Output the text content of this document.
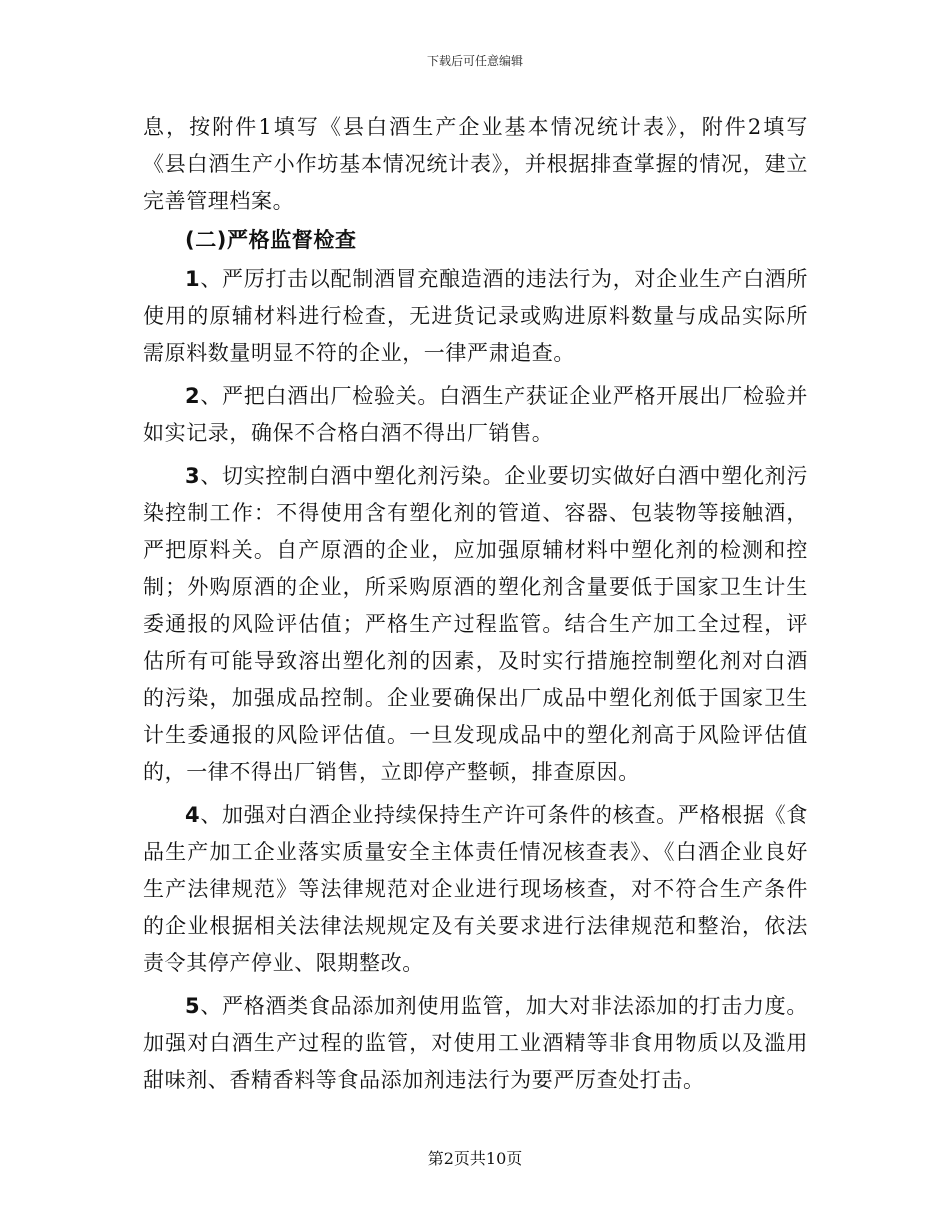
下载后可任意编辑

息，按附件1填写《县白酒生产企业基本情况统计表》，附件2填写《县白酒生产小作坊基本情况统计表》，并根据排查掌握的情况，建立完善管理档案。

(二)严格监督检查

1、严厉打击以配制酒冒充酿造酒的违法行为，对企业生产白酒所使用的原辅材料进行检查，无进货记录或购进原料数量与成品实际所需原料数量明显不符的企业，一律严肃追查。

2、严把白酒出厂检验关。白酒生产获证企业严格开展出厂检验并如实记录，确保不合格白酒不得出厂销售。

3、切实控制白酒中塑化剂污染。企业要切实做好白酒中塑化剂污染控制工作：不得使用含有塑化剂的管道、容器、包装物等接触酒，严把原料关。自产原酒的企业，应加强原辅材料中塑化剂的检测和控制；外购原酒的企业，所采购原酒的塑化剂含量要低于国家卫生计生委通报的风险评估值；严格生产过程监管。结合生产加工全过程，评估所有可能导致溶出塑化剂的因素，及时实行措施控制塑化剂对白酒的污染，加强成品控制。企业要确保出厂成品中塑化剂低于国家卫生计生委通报的风险评估值。一旦发现成品中的塑化剂高于风险评估值的，一律不得出厂销售，立即停产整顿，排查原因。

4、加强对白酒企业持续保持生产许可条件的核查。严格根据《食品生产加工企业落实质量安全主体责任情况核查表》、《白酒企业良好生产法律规范》等法律规范对企业进行现场核查，对不符合生产条件的企业根据相关法律法规规定及有关要求进行法律规范和整治，依法责令其停产停业、限期整改。

5、严格酒类食品添加剂使用监管，加大对非法添加的打击力度。加强对白酒生产过程的监管，对使用工业酒精等非食用物质以及滥用甜味剂、香精香料等食品添加剂违法行为要严厉查处打击。

第2页共10页
